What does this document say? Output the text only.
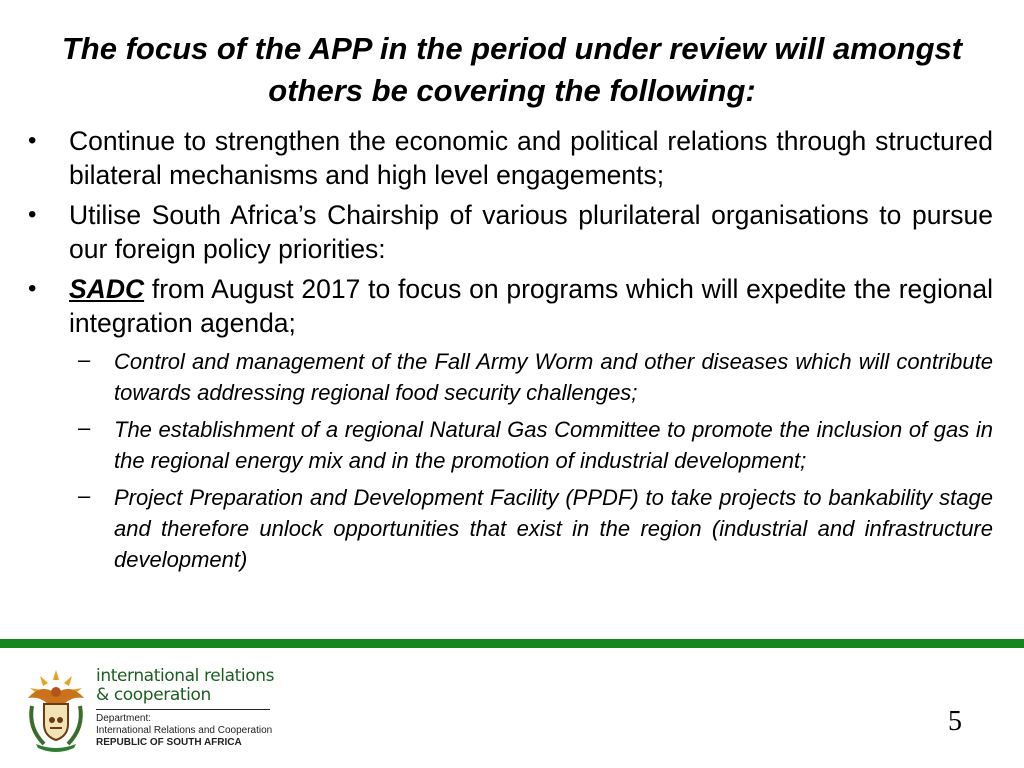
The focus of the APP in the period under review will amongst others be covering the following:
• Continue to strengthen the economic and political relations through structured bilateral mechanisms and high level engagements;
• Utilise South Africa’s Chairship of various plurilateral organisations to pursue our foreign policy priorities:
• SADC from August 2017 to focus on programs which will expedite the regional integration agenda;
– Control and management of the Fall Army Worm and other diseases which will contribute towards addressing regional food security challenges;
– The establishment of a regional Natural Gas Committee to promote the inclusion of gas in the regional energy mix and in the promotion of industrial development;
– Project Preparation and Development Facility (PPDF) to take projects to bankability stage and therefore unlock opportunities that exist in the region (industrial and infrastructure development)
international relations
& cooperation
Department:
International Relations and Cooperation
REPUBLIC OF SOUTH AFRICA
5
